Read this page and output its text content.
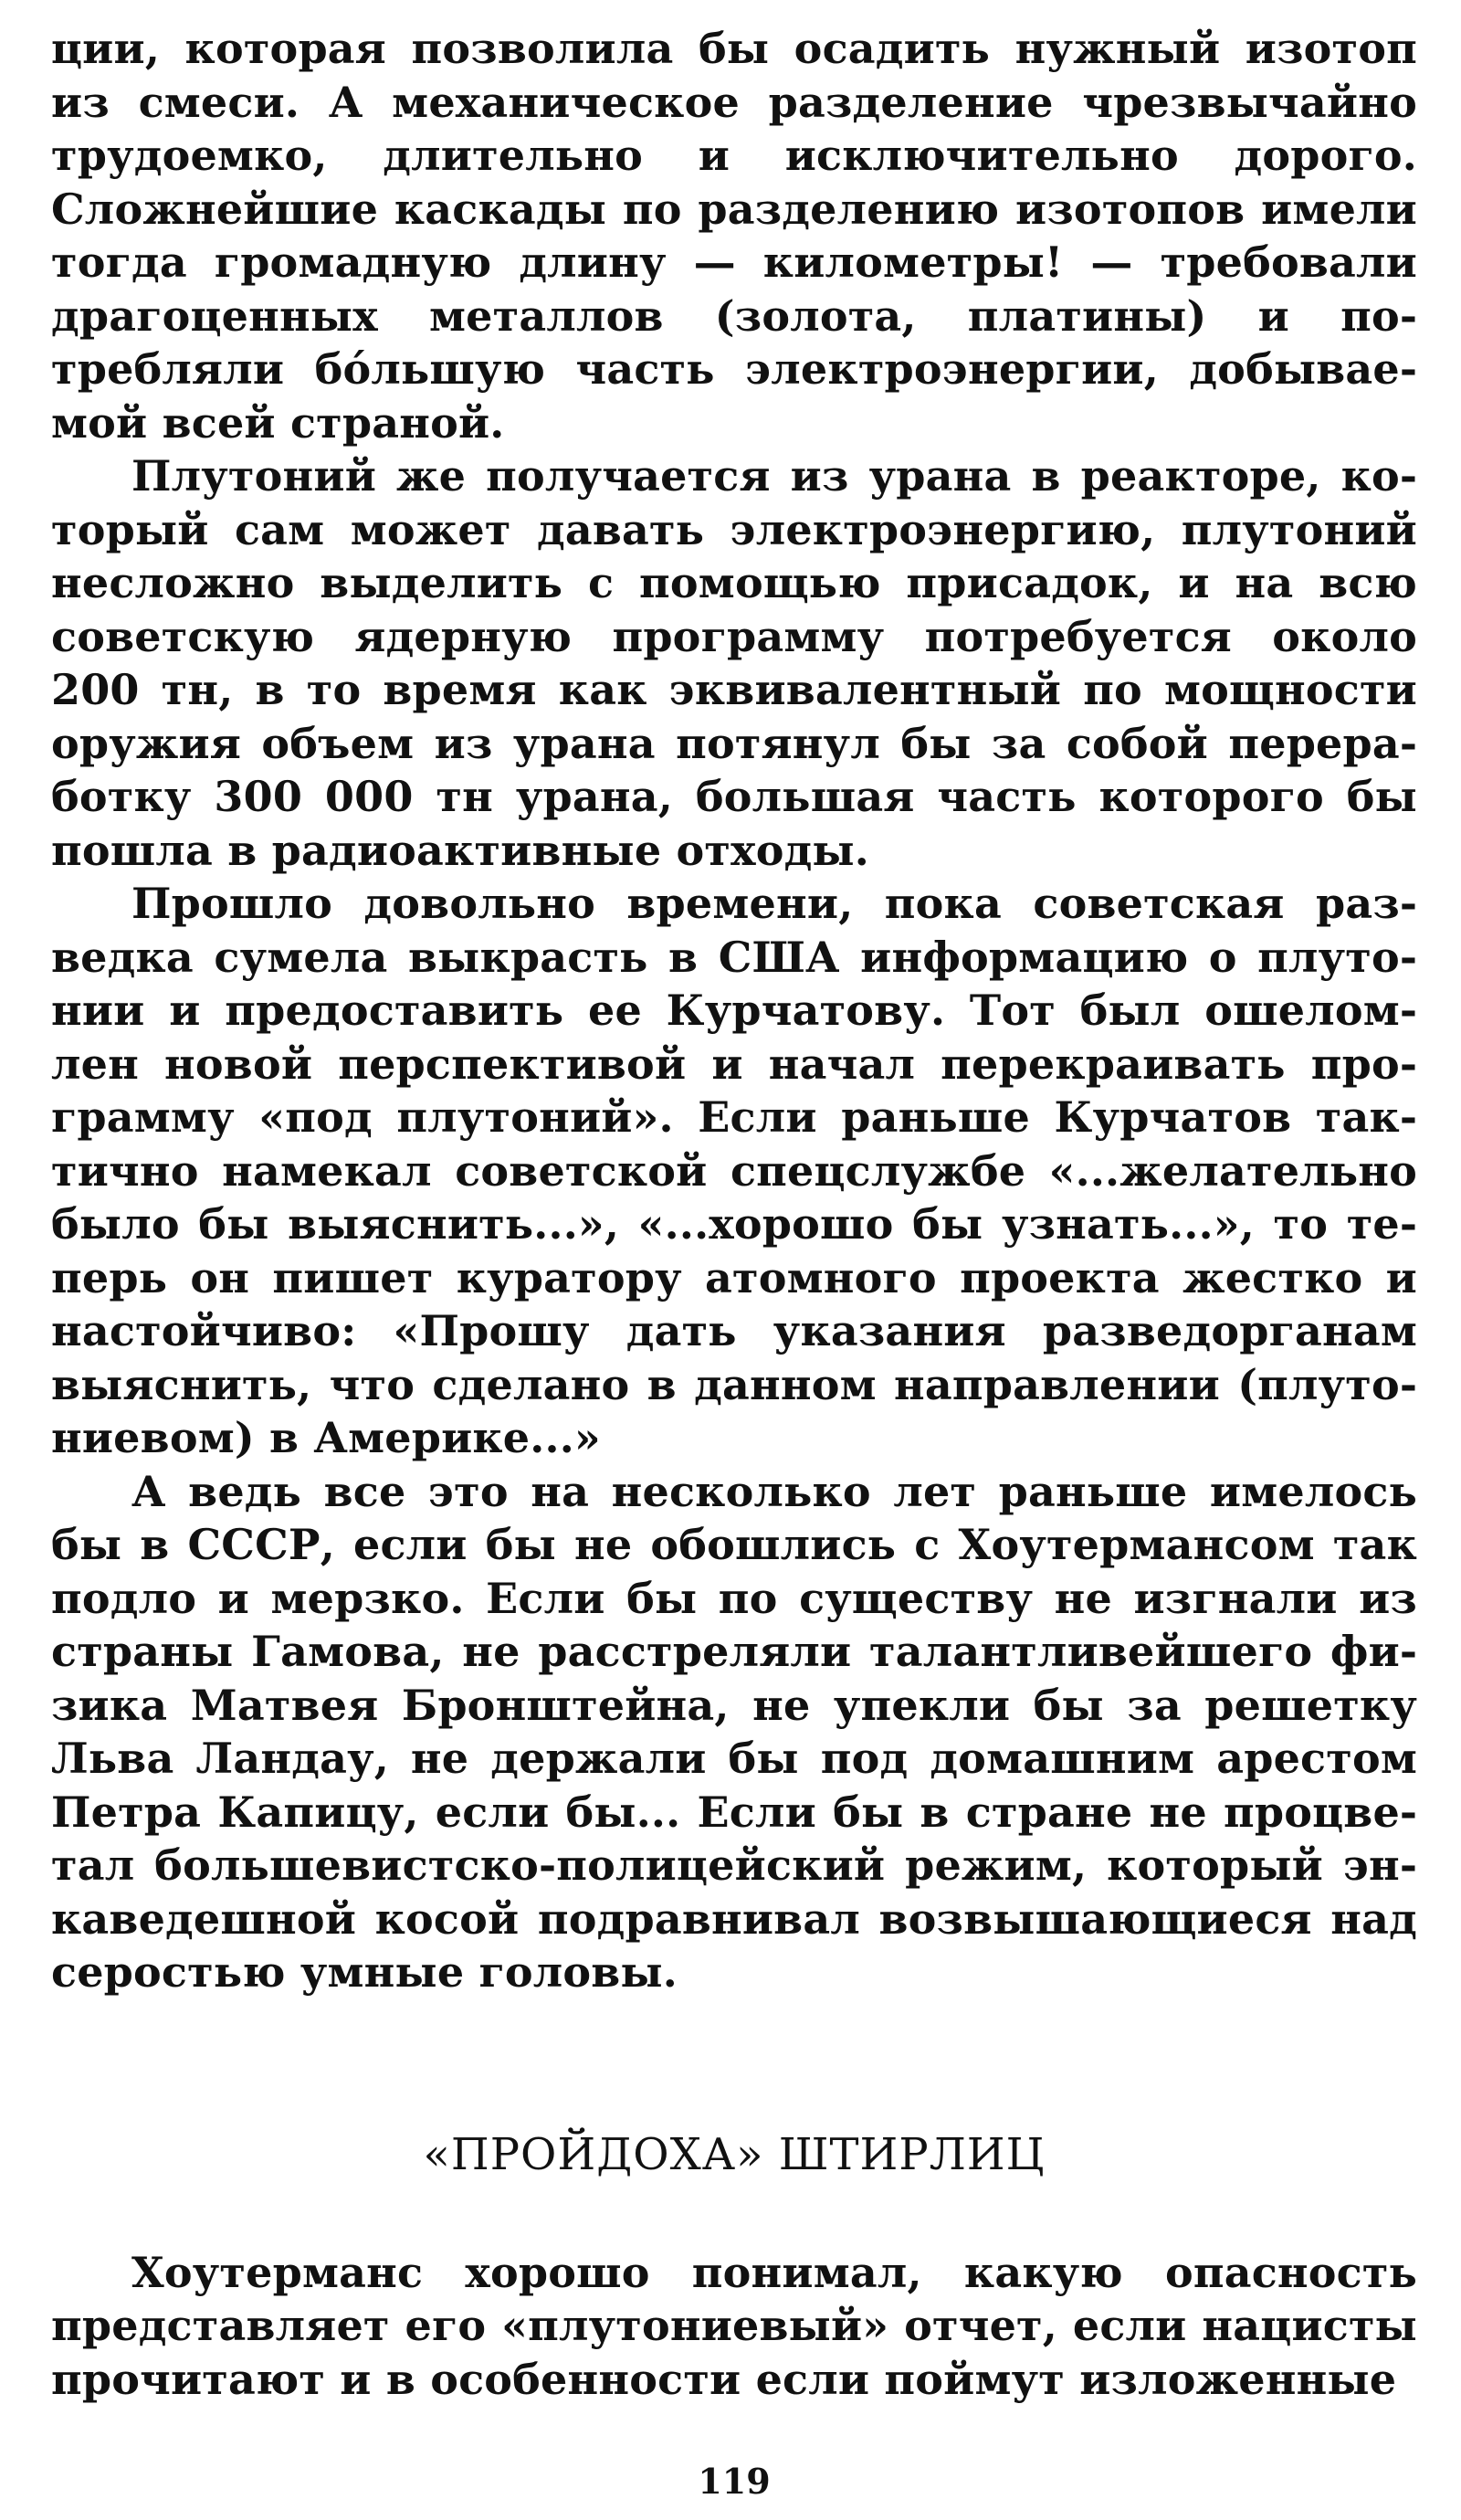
ции, которая позволила бы осадить нужный изотоп из смеси. А механическое разделение чрезвычайно трудоемко, длительно и исключительно дорого. Сложнейшие каскады по разделению изотопов имели тогда громадную длину — километры! — требовали драгоценных металлов (золота, платины) и потребляли бо́льшую часть электроэнергии, добываемой всей страной.

Плутоний же получается из урана в реакторе, который сам может давать электроэнергию, плутоний несложно выделить с помощью присадок, и на всю советскую ядерную программу потребуется около 200 тн, в то время как эквивалентный по мощности оружия объем из урана потянул бы за собой переработку 300 000 тн урана, большая часть которого бы пошла в радиоактивные отходы.

Прошло довольно времени, пока советская разведка сумела выкрасть в США информацию о плутонии и предоставить ее Курчатову. Тот был ошеломлен новой перспективой и начал перекраивать программу «под плутоний». Если раньше Курчатов тактично намекал советской спецслужбе «...желательно было бы выяснить...», «...хорошо бы узнать...», то теперь он пишет куратору атомного проекта жестко и настойчиво: «Прошу дать указания разведорганам выяснить, что сделано в данном направлении (плутониевом) в Америке...»

А ведь все это на несколько лет раньше имелось бы в СССР, если бы не обошлись с Хоутермансом так подло и мерзко. Если бы по существу не изгнали из страны Гамова, не расстреляли талантливейшего физика Матвея Бронштейна, не упекли бы за решетку Льва Ландау, не держали бы под домашним арестом Петра Капицу, если бы... Если бы в стране не процветал большевистско-полицейский режим, который энкаведешной косой подравнивал возвышающиеся над серостью умные головы.

«ПРОЙДОХА» ШТИРЛИЦ

Хоутерманс хорошо понимал, какую опасность представляет его «плутониевый» отчет, если нацисты прочитают и в особенности если поймут изложенные

119
